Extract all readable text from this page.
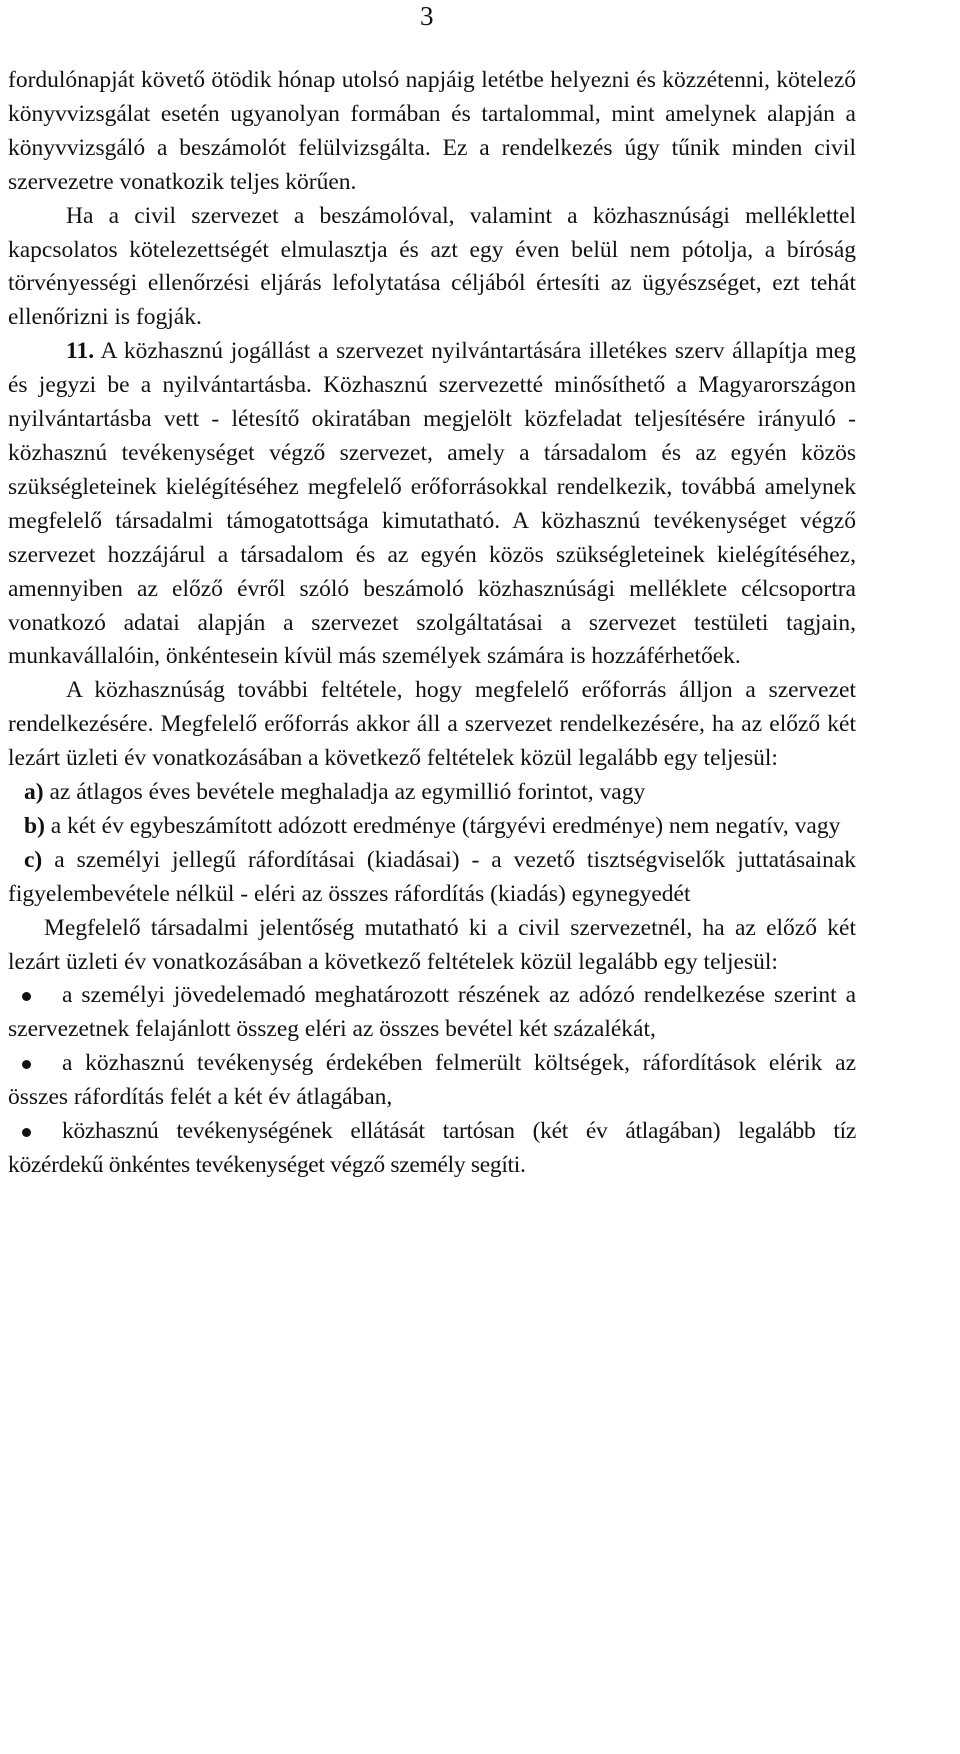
3

fordulónapját követő ötödik hónap utolsó napjáig letétbe helyezni és közzétenni, kötelező könyvvizsgálat esetén ugyanolyan formában és tartalommal, mint amelynek alapján a könyvvizsgáló a beszámolót felülvizsgálta. Ez a rendelkezés úgy tűnik minden civil szervezetre vonatkozik teljes körűen.

Ha a civil szervezet a beszámolóval, valamint a közhasznúsági melléklettel kapcsolatos kötelezettségét elmulasztja és azt egy éven belül nem pótolja, a bíróság törvényességi ellenőrzési eljárás lefolytatása céljából értesíti az ügyészséget, ezt tehát ellenőrizni is fogják.

11. A közhasznú jogállást a szervezet nyilvántartására illetékes szerv állapítja meg és jegyzi be a nyilvántartásba. Közhasznú szervezetté minősíthető a Magyarországon nyilvántartásba vett - létesítő okiratában megjelölt közfeladat teljesítésére irányuló - közhasznú tevékenységet végző szervezet, amely a társadalom és az egyén közös szükségleteinek kielégítéséhez megfelelő erőforrásokkal rendelkezik, továbbá amelynek megfelelő társadalmi támogatottsága kimutatható. A közhasznú tevékenységet végző szervezet hozzájárul a társadalom és az egyén közös szükségleteinek kielégítéséhez, amennyiben az előző évről szóló beszámoló közhasznúsági melléklete célcsoportra vonatkozó adatai alapján a szervezet szolgáltatásai a szervezet testületi tagjain, munkavállalóin, önkéntesein kívül más személyek számára is hozzáférhetőek.

A közhasznúság további feltétele, hogy megfelelő erőforrás álljon a szervezet rendelkezésére. Megfelelő erőforrás akkor áll a szervezet rendelkezésére, ha az előző két lezárt üzleti év vonatkozásában a következő feltételek közül legalább egy teljesül:

a) az átlagos éves bevétele meghaladja az egymillió forintot, vagy

b) a két év egybeszámított adózott eredménye (tárgyévi eredménye) nem negatív, vagy

c) a személyi jellegű ráfordításai (kiadásai) - a vezető tisztségviselők juttatásainak figyelembevétele nélkül - eléri az összes ráfordítás (kiadás) egynegyedét

Megfelelő társadalmi jelentőség mutatható ki a civil szervezetnél, ha az előző két lezárt üzleti év vonatkozásában a következő feltételek közül legalább egy teljesül:

a személyi jövedelemadó meghatározott részének az adózó rendelkezése szerint a szervezetnek felajánlott összeg eléri az összes bevétel két százalékát,

a közhasznú tevékenység érdekében felmerült költségek, ráfordítások elérik az összes ráfordítás felét a két év átlagában,

közhasznú tevékenységének ellátását tartósan (két év átlagában) legalább tíz közérdekű önkéntes tevékenységet végző személy segíti.
